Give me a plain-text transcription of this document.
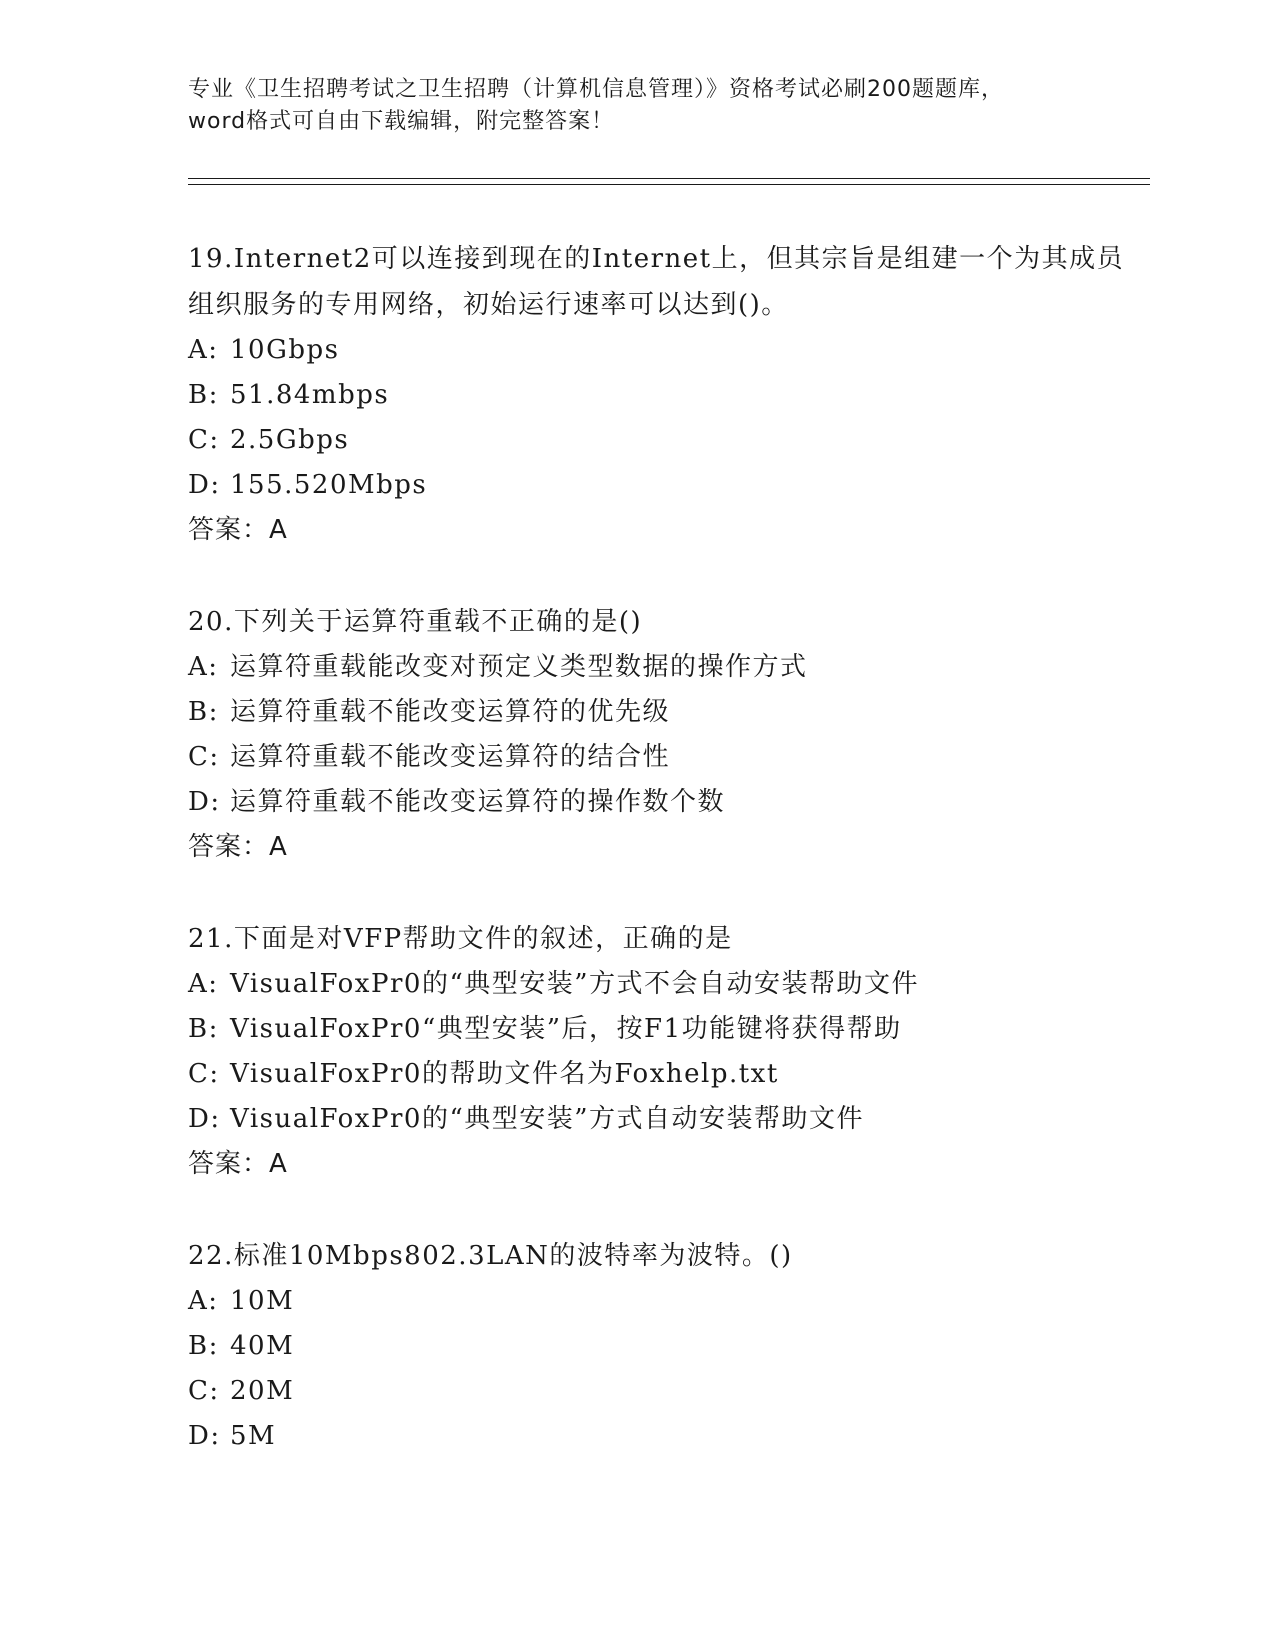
专业《卫生招聘考试之卫生招聘（计算机信息管理）》资格考试必刷200题题库，
word格式可自由下载编辑，附完整答案！

19.Internet2可以连接到现在的Internet上，但其宗旨是组建一个为其成员组织服务的专用网络，初始运行速率可以达到()。

A: 10Gbps
B: 51.84mbps
C: 2.5Gbps
D: 155.520Mbps
答案：A

20.下列关于运算符重载不正确的是()

A: 运算符重载能改变对预定义类型数据的操作方式
B: 运算符重载不能改变运算符的优先级
C: 运算符重载不能改变运算符的结合性
D: 运算符重载不能改变运算符的操作数个数
答案：A

21.下面是对VFP帮助文件的叙述，正确的是

A: VisualFoxPr0的“典型安装”方式不会自动安装帮助文件
B: VisualFoxPr0“典型安装”后，按F1功能键将获得帮助
C: VisualFoxPr0的帮助文件名为Foxhelp.txt
D: VisualFoxPr0的“典型安装”方式自动安装帮助文件
答案：A

22.标准10Mbps802.3LAN的波特率为波特。()

A: 10M
B: 40M
C: 20M
D: 5M
